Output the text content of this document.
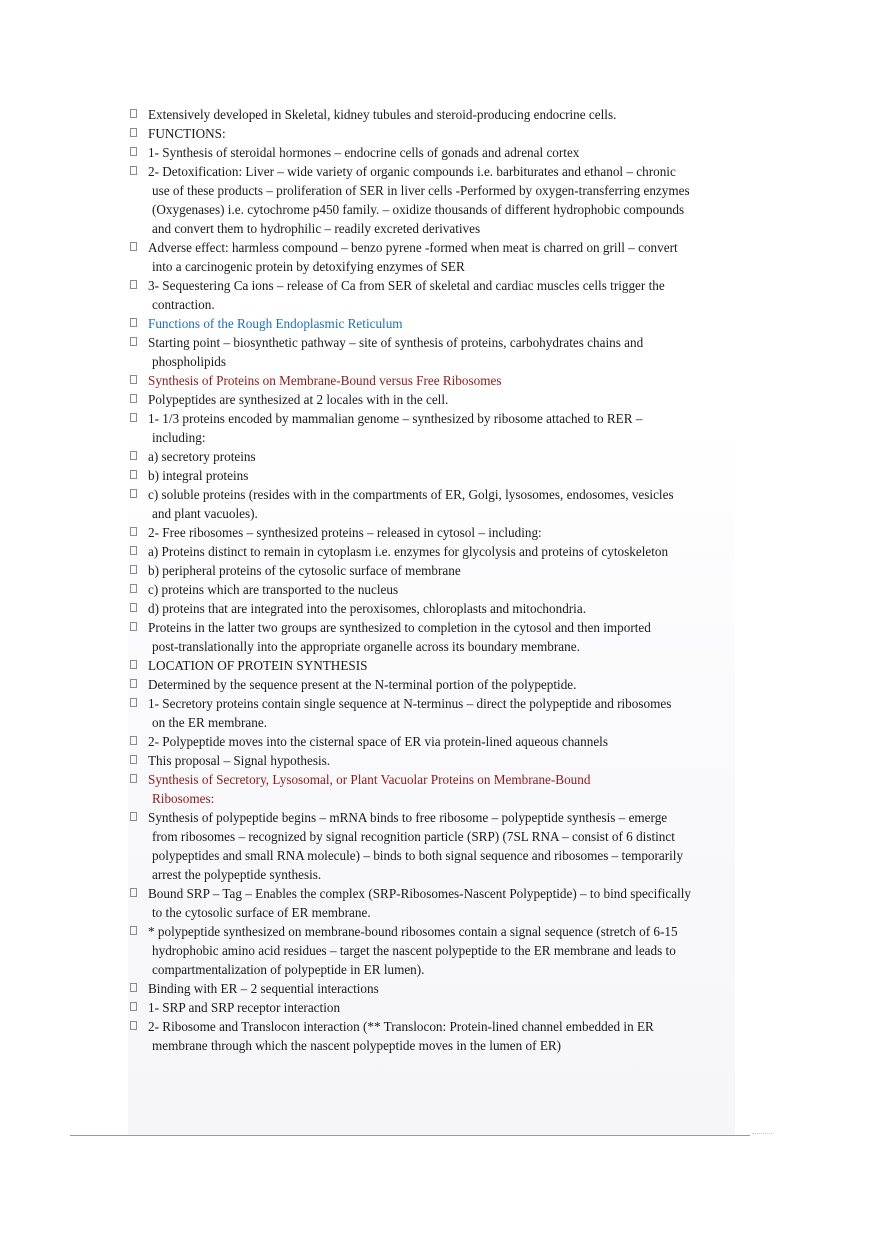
Extensively developed in Skeletal, kidney tubules and steroid-producing endocrine cells.
FUNCTIONS:
1- Synthesis of steroidal hormones – endocrine cells of gonads and adrenal cortex
2- Detoxification: Liver – wide variety of organic compounds i.e. barbiturates and ethanol – chronic
use of these products – proliferation of SER in liver cells -Performed by oxygen-transferring enzymes
(Oxygenases) i.e. cytochrome p450 family. – oxidize thousands of different hydrophobic compounds
and convert them to hydrophilic – readily excreted derivatives
Adverse effect: harmless compound – benzo pyrene -formed when meat is charred on grill – convert
into a carcinogenic protein by detoxifying enzymes of SER
3- Sequestering Ca ions – release of Ca from SER of skeletal and cardiac muscles cells trigger the
contraction.
Functions of the Rough Endoplasmic Reticulum
Starting point – biosynthetic pathway – site of synthesis of proteins, carbohydrates chains and
phospholipids
Synthesis of Proteins on Membrane-Bound versus Free Ribosomes
Polypeptides are synthesized at 2 locales with in the cell.
1- 1/3 proteins encoded by mammalian genome – synthesized by ribosome attached to RER –
including:
a) secretory proteins
b) integral proteins
c) soluble proteins (resides with in the compartments of ER, Golgi, lysosomes, endosomes, vesicles
and plant vacuoles).
2- Free ribosomes – synthesized proteins – released in cytosol – including:
a) Proteins distinct to remain in cytoplasm i.e. enzymes for glycolysis and proteins of cytoskeleton
b) peripheral proteins of the cytosolic surface of membrane
c) proteins which are transported to the nucleus
d) proteins that are integrated into the peroxisomes, chloroplasts and mitochondria.
Proteins in the latter two groups are synthesized to completion in the cytosol and then imported
post-translationally into the appropriate organelle across its boundary membrane.
LOCATION OF PROTEIN SYNTHESIS
Determined by the sequence present at the N-terminal portion of the polypeptide.
1- Secretory proteins contain single sequence at N-terminus – direct the polypeptide and ribosomes
on the ER membrane.
2- Polypeptide moves into the cisternal space of ER via protein-lined aqueous channels
This proposal – Signal hypothesis.
Synthesis of Secretory, Lysosomal, or Plant Vacuolar Proteins on Membrane-Bound
Ribosomes:
Synthesis of polypeptide begins – mRNA binds to free ribosome – polypeptide synthesis – emerge
from ribosomes – recognized by signal recognition particle (SRP) (7SL RNA – consist of 6 distinct
polypeptides and small RNA molecule) – binds to both signal sequence and ribosomes – temporarily
arrest the polypeptide synthesis.
Bound SRP – Tag – Enables the complex (SRP-Ribosomes-Nascent Polypeptide) – to bind specifically
to the cytosolic surface of ER membrane.
* polypeptide synthesized on membrane-bound ribosomes contain a signal sequence (stretch of 6-15
hydrophobic amino acid residues – target the nascent polypeptide to the ER membrane and leads to
compartmentalization of polypeptide in ER lumen).
Binding with ER – 2 sequential interactions
1- SRP and SRP receptor interaction
2- Ribosome and Translocon interaction (** Translocon: Protein-lined channel embedded in ER
membrane through which the nascent polypeptide moves in the lumen of ER)
